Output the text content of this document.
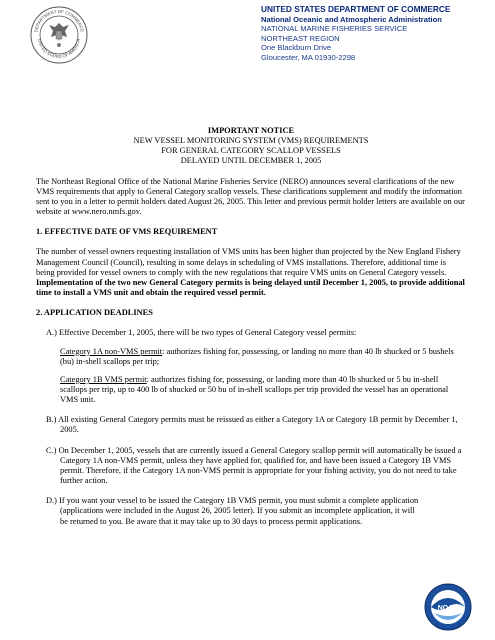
DEPARTMENT OF COMMERCE
UNITED STATES OF AMERICA
UNITED STATES DEPARTMENT OF COMMERCE
National Oceanic and Atmospheric Administration
NATIONAL MARINE FISHERIES SERVICE
NORTHEAST REGION
One Blackburn Drive
Gloucester, MA 01930-2298
IMPORTANT NOTICE
NEW VESSEL MONITORING SYSTEM (VMS) REQUIREMENTS
FOR GENERAL CATEGORY SCALLOP VESSELS
DELAYED UNTIL DECEMBER 1, 2005

The Northeast Regional Office of the National Marine Fisheries Service (NERO) announces several clarifications of the new VMS requirements that apply to General Category scallop vessels. These clarifications supplement and modify the information sent to you in a letter to permit holders dated August 26, 2005. This letter and previous permit holder letters are available on our website at www.nero.nmfs.gov.

1. EFFECTIVE DATE OF VMS REQUIREMENT

The number of vessel owners requesting installation of VMS units has been higher than projected by the New England Fishery Management Council (Council), resulting in some delays in scheduling of VMS installations. Therefore, additional time is being provided for vessel owners to comply with the new regulations that require VMS units on General Category vessels. Implementation of the two new General Category permits is being delayed until December 1, 2005, to provide additional time to install a VMS unit and obtain the required vessel permit.

2. APPLICATION DEADLINES

A.) Effective December 1, 2005, there will be two types of General Category vessel permits:

Category 1A non-VMS permit: authorizes fishing for, possessing, or landing no more than 40 lb shucked or 5 bushels (bu) in-shell scallops per trip;

Category 1B VMS permit: authorizes fishing for, possessing, or landing more than 40 lb shucked or 5 bu in-shell scallops per trip, up to 400 lb of shucked or 50 bu of in-shell scallops per trip provided the vessel has an operational VMS unit.

B.) All existing General Category permits must be reissued as either a Category 1A or Category 1B permit by December 1, 2005.

C.) On December 1, 2005, vessels that are currently issued a General Category scallop permit will automatically be issued a Category 1A non-VMS permit, unless they have applied for, qualified for, and have been issued a Category 1B VMS permit. Therefore, if the Category 1A non-VMS permit is appropriate for your fishing activity, you do not need to take further action.

D.) If you want your vessel to be issued the Category 1B VMS permit, you must submit a complete application (applications were included in the August 26, 2005 letter). If you submit an incomplete application, it will be returned to you. Be aware that it may take up to 30 days to process permit applications.

NOAA
